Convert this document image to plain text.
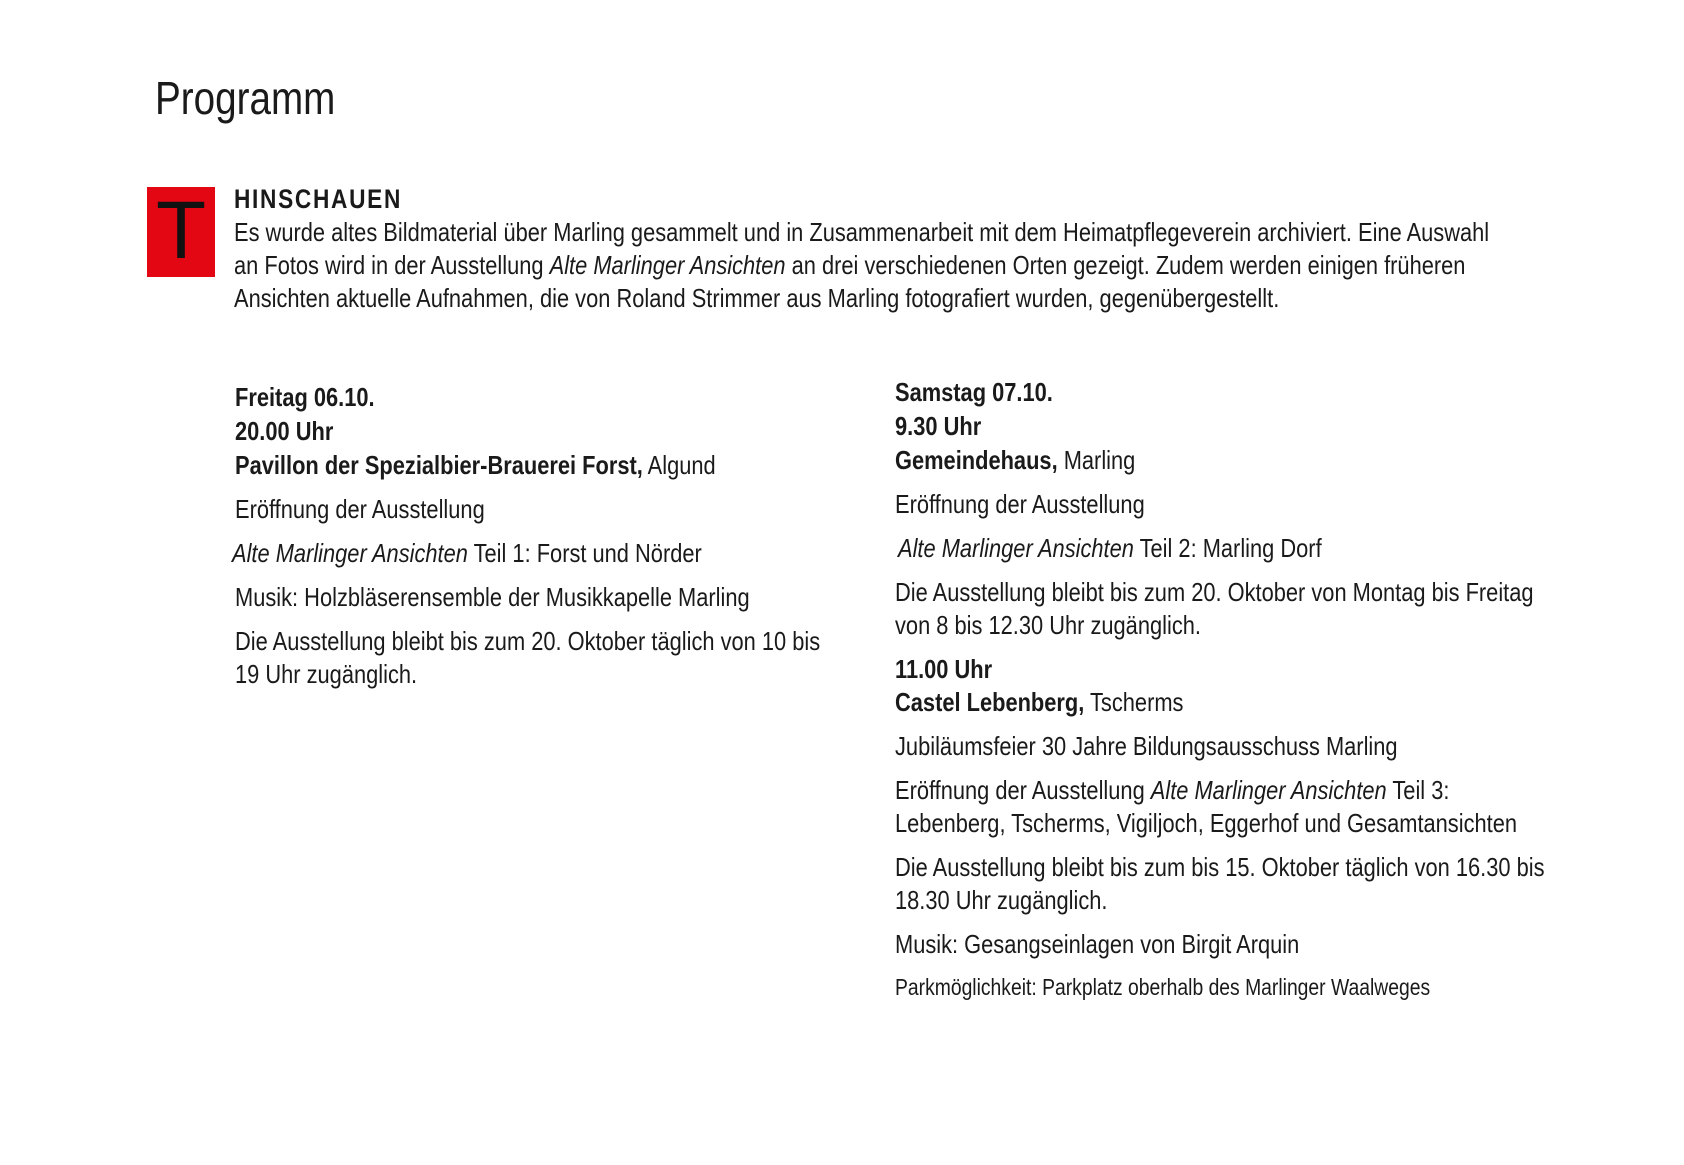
Programm
T	HINSCHAUEN
Es wurde altes Bildmaterial über Marling gesammelt und in Zusammenarbeit mit dem Heimatpflegeverein archiviert. Eine Auswahl
an Fotos wird in der Ausstellung Alte Marlinger Ansichten an drei verschiedenen Orten gezeigt. Zudem werden einigen früheren
Ansichten aktuelle Aufnahmen, die von Roland Strimmer aus Marling fotografiert wurden, gegenübergestellt.
Freitag 06.10.
20.00 Uhr
Pavillon der Spezialbier-Brauerei Forst, Algund
Eröffnung der Ausstellung
Alte Marlinger Ansichten Teil 1: Forst und Nörder
Musik: Holzbläserensemble der Musikkapelle Marling
Die Ausstellung bleibt bis zum 20. Oktober täglich von 10 bis
19 Uhr zugänglich.
Samstag 07.10.
9.30 Uhr
Gemeindehaus, Marling
Eröffnung der Ausstellung
Alte Marlinger Ansichten Teil 2: Marling Dorf
Die Ausstellung bleibt bis zum 20. Oktober von Montag bis Freitag
von 8 bis 12.30 Uhr zugänglich.
11.00 Uhr
Castel Lebenberg, Tscherms
Jubiläumsfeier 30 Jahre Bildungsausschuss Marling
Eröffnung der Ausstellung Alte Marlinger Ansichten Teil 3:
Lebenberg, Tscherms, Vigiljoch, Eggerhof und Gesamtansichten
Die Ausstellung bleibt bis zum bis 15. Oktober täglich von 16.30 bis
18.30 Uhr zugänglich.
Musik: Gesangseinlagen von Birgit Arquin
Parkmöglichkeit: Parkplatz oberhalb des Marlinger Waalweges
